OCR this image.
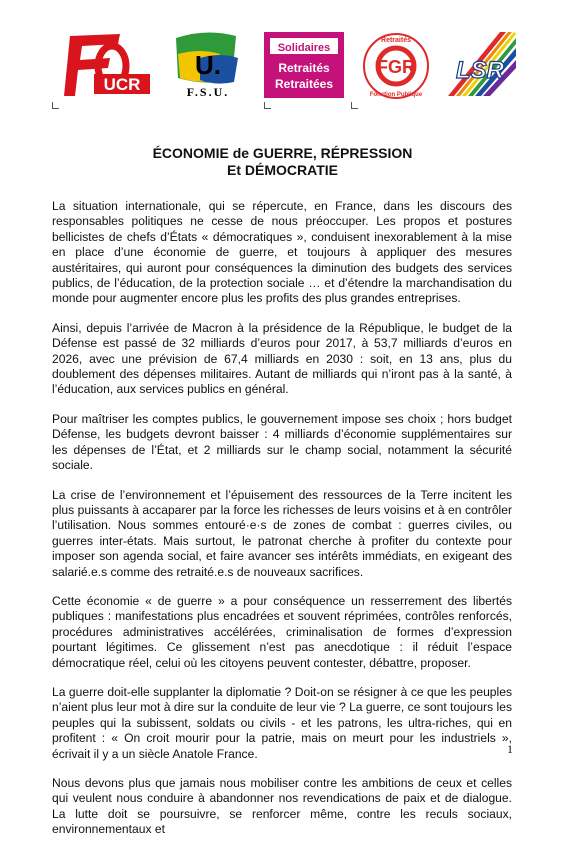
UCR
U.
F.S.U.
Solidaires
Retraités
Retraitées
FGR
Retraités
Fonction Publique
LSR
ÉCONOMIE de GUERRE, RÉPRESSION
Et DÉMOCRATIE

La situation internationale, qui se répercute, en France, dans les discours des responsables politiques ne cesse de nous préoccuper. Les propos et postures bellicistes de chefs d’États « démocratiques », conduisent inexorablement à la mise en place d’une économie de guerre, et toujours à appliquer des mesures austéritaires, qui auront pour conséquences la diminution des budgets des services publics, de l’éducation, de la protection sociale … et d’étendre la marchandisation du monde pour augmenter encore plus les profits des plus grandes entreprises.

Ainsi, depuis l’arrivée de Macron à la présidence de la République, le budget de la Défense est passé de 32 milliards d’euros pour 2017, à 53,7 milliards d’euros en 2026, avec une prévision de 67,4 milliards en 2030 : soit, en 13 ans, plus du doublement des dépenses militaires. Autant de milliards qui n’iront pas à la santé, à l’éducation, aux services publics en général.

Pour maîtriser les comptes publics, le gouvernement impose ses choix ; hors budget Défense, les budgets devront baisser : 4 milliards d’économie supplémentaires sur les dépenses de l’État, et 2 milliards sur le champ social, notamment la sécurité sociale.

La crise de l’environnement et l’épuisement des ressources de la Terre incitent les plus puissants à accaparer par la force les richesses de leurs voisins et à en contrôler l’utilisation. Nous sommes entouré·e·s de zones de combat : guerres civiles, ou guerres inter-états. Mais surtout, le patronat cherche à profiter du contexte pour imposer son agenda social, et faire avancer ses intérêts immédiats, en exigeant des salarié.e.s comme des retraité.e.s de nouveaux sacrifices.

Cette économie « de guerre » a pour conséquence un resserrement des libertés publiques : manifestations plus encadrées et souvent réprimées, contrôles renforcés, procédures administratives accélérées, criminalisation de formes d’expression pourtant légitimes. Ce glissement n’est pas anecdotique : il réduit l’espace démocratique réel, celui où les citoyens peuvent contester, débattre, proposer.

La guerre doit-elle supplanter la diplomatie ? Doit-on se résigner à ce que les peuples n’aient plus leur mot à dire sur la conduite de leur vie ? La guerre, ce sont toujours les peuples qui la subissent, soldats ou civils - et les patrons, les ultra-riches, qui en profitent : « On croit mourir pour la patrie, mais on meurt pour les industriels », écrivait il y a un siècle Anatole France.

Nous devons plus que jamais nous mobiliser contre les ambitions de ceux et celles qui veulent nous conduire à abandonner nos revendications de paix et de dialogue. La lutte doit se poursuivre, se renforcer même, contre les reculs sociaux, environnementaux et

1
